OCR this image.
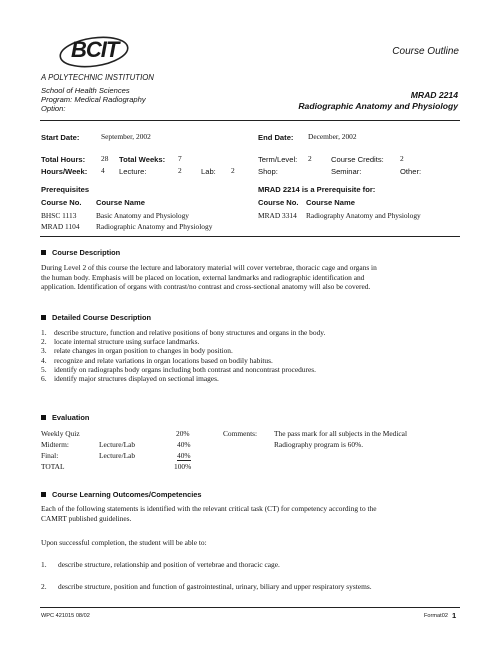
BCIT
A POLYTECHNIC INSTITUTION
School of Health Sciences
Program: Medical Radiography
Option:
Course Outline
MRAD 2214
Radiographic Anatomy and Physiology
Start Date:	September, 2002	End Date: December, 2002
Total Hours: 28 Total Weeks: 7	Term/Level: 2	Course Credits: 2
Hours/Week: 4 Lecture:	2	Lab: 2	Shop:	Seminar:	Other:
Prerequisites	MRAD 2214 is a Prerequisite for:
Course No. Course Name	Course No. Course Name
BHSC 1113	Basic Anatomy and Physiology
MRAD 1104 Radiographic Anatomy and Physiology
MRAD 3314 Radiography Anatomy and Physiology
Course Description
During Level 2 of this course the lecture and laboratory material will cover vertebrae, thoracic cage and organs in
the human body. Emphasis will be placed on location, external landmarks and radiographic identification and
application. Identification of organs with contrast/no contrast and cross-sectional anatomy will also be covered.
Detailed Course Description
1. describe structure, function and relative positions of bony structures and organs in the body.
2. locate internal structure using surface landmarks.
3. relate changes in organ position to changes in body position.
4. recognize and relate variations in organ locations based on bodily habitus.
5. identify on radiographs body organs including both contrast and noncontrast procedures.
6. identify major structures displayed on sectional images.
Evaluation
Weekly Quiz	20%
Midterm:	Lecture/Lab	40%
Final:	Lecture/Lab	40%
TOTAL	100%
Comments: The pass mark for all subjects in the Medical
Radiography program is 60%.
Course Learning Outcomes/Competencies
Each of the following statements is identified with the relevant critical task (CT) for competency according to the
CAMRT published guidelines.
Upon successful completion, the student will be able to:
1. describe structure, relationship and position of vertebrae and thoracic cage.
2. describe structure, position and function of gastrointestinal, urinary, biliary and upper respiratory systems.
WPC 421015 08/02	Format02 1
